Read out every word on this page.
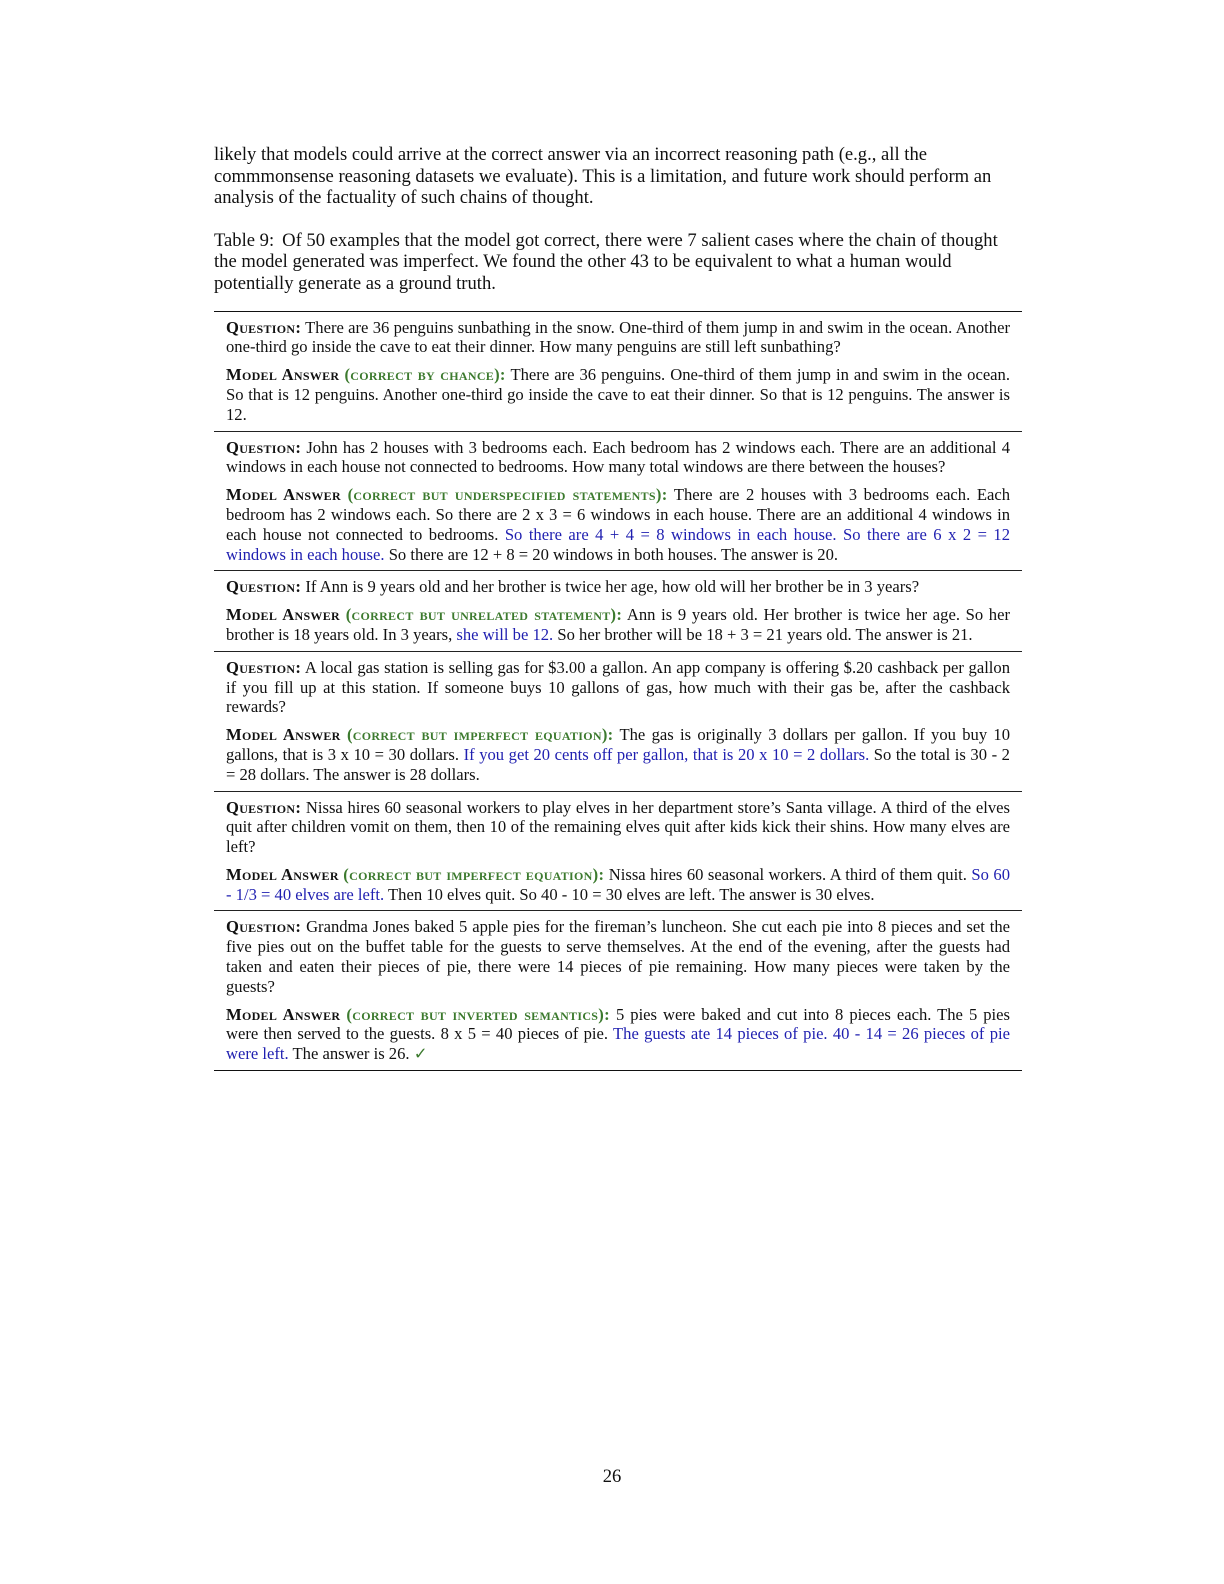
likely that models could arrive at the correct answer via an incorrect reasoning path (e.g., all the commmonsense reasoning datasets we evaluate). This is a limitation, and future work should perform an analysis of the factuality of such chains of thought.

Table 9: Of 50 examples that the model got correct, there were 7 salient cases where the chain of thought the model generated was imperfect. We found the other 43 to be equivalent to what a human would potentially generate as a ground truth.

Question: There are 36 penguins sunbathing in the snow. One-third of them jump in and swim in the ocean. Another one-third go inside the cave to eat their dinner. How many penguins are still left sunbathing?

Model Answer (correct by chance): There are 36 penguins. One-third of them jump in and swim in the ocean. So that is 12 penguins. Another one-third go inside the cave to eat their dinner. So that is 12 penguins. The answer is 12.

Question: John has 2 houses with 3 bedrooms each. Each bedroom has 2 windows each. There are an additional 4 windows in each house not connected to bedrooms. How many total windows are there between the houses?

Model Answer (correct but underspecified statements): There are 2 houses with 3 bedrooms each. Each bedroom has 2 windows each. So there are 2 x 3 = 6 windows in each house. There are an additional 4 windows in each house not connected to bedrooms. So there are 4 + 4 = 8 windows in each house. So there are 6 x 2 = 12 windows in each house. So there are 12 + 8 = 20 windows in both houses. The answer is 20.

Question: If Ann is 9 years old and her brother is twice her age, how old will her brother be in 3 years?

Model Answer (correct but unrelated statement): Ann is 9 years old. Her brother is twice her age. So her brother is 18 years old. In 3 years, she will be 12. So her brother will be 18 + 3 = 21 years old. The answer is 21.

Question: A local gas station is selling gas for $3.00 a gallon. An app company is offering $.20 cashback per gallon if you fill up at this station. If someone buys 10 gallons of gas, how much with their gas be, after the cashback rewards?

Model Answer (correct but imperfect equation): The gas is originally 3 dollars per gallon. If you buy 10 gallons, that is 3 x 10 = 30 dollars. If you get 20 cents off per gallon, that is 20 x 10 = 2 dollars. So the total is 30 - 2 = 28 dollars. The answer is 28 dollars.

Question: Nissa hires 60 seasonal workers to play elves in her department store’s Santa village. A third of the elves quit after children vomit on them, then 10 of the remaining elves quit after kids kick their shins. How many elves are left?

Model Answer (correct but imperfect equation): Nissa hires 60 seasonal workers. A third of them quit. So 60 - 1/3 = 40 elves are left. Then 10 elves quit. So 40 - 10 = 30 elves are left. The answer is 30 elves.

Question: Grandma Jones baked 5 apple pies for the fireman’s luncheon. She cut each pie into 8 pieces and set the five pies out on the buffet table for the guests to serve themselves. At the end of the evening, after the guests had taken and eaten their pieces of pie, there were 14 pieces of pie remaining. How many pieces were taken by the guests?

Model Answer (correct but inverted semantics): 5 pies were baked and cut into 8 pieces each. The 5 pies were then served to the guests. 8 x 5 = 40 pieces of pie. The guests ate 14 pieces of pie. 40 - 14 = 26 pieces of pie were left. The answer is 26. ✓

26
